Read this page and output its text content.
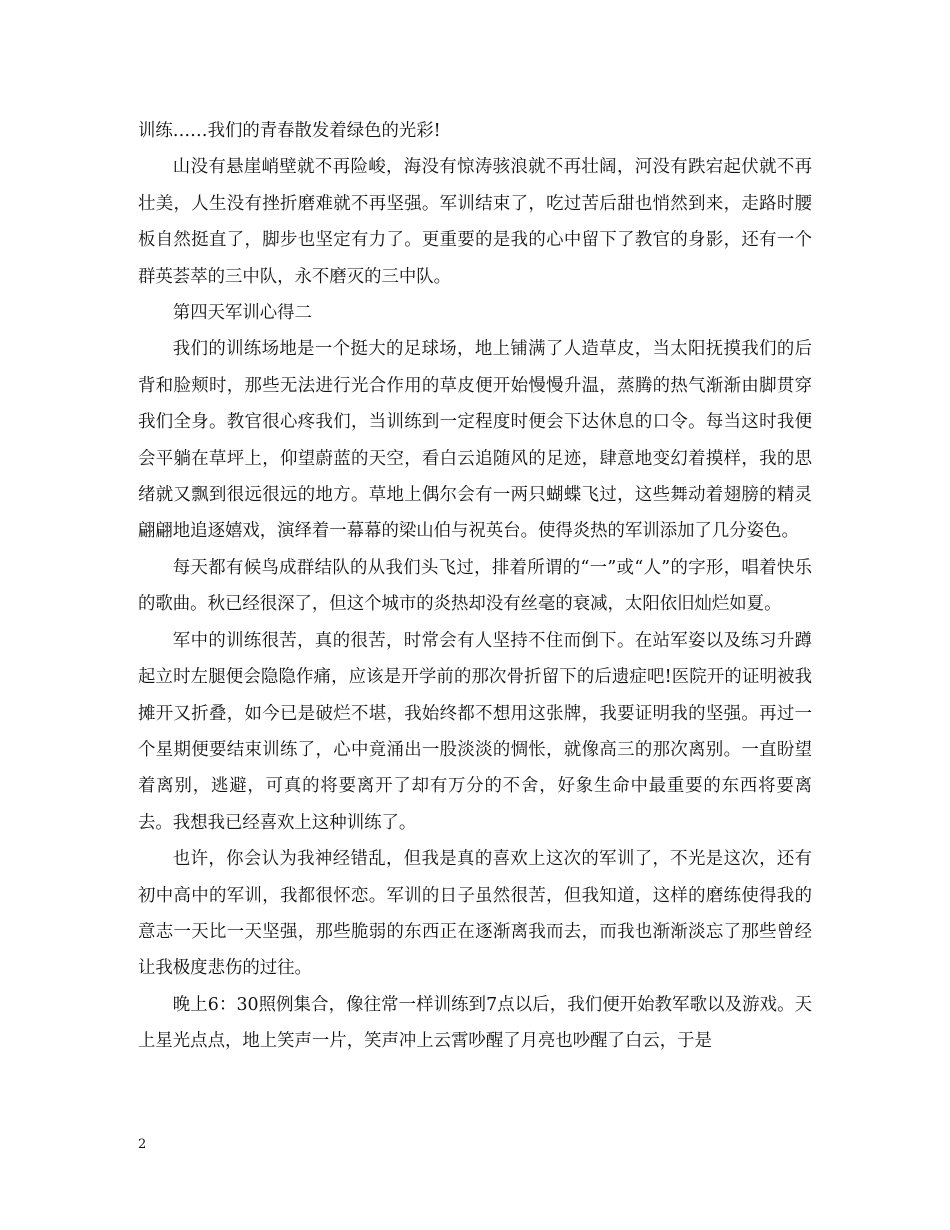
训练……我们的青春散发着绿色的光彩!

山没有悬崖峭壁就不再险峻，海没有惊涛骇浪就不再壮阔，河没有跌宕起伏就不再壮美，人生没有挫折磨难就不再坚强。军训结束了，吃过苦后甜也悄然到来，走路时腰板自然挺直了，脚步也坚定有力了。更重要的是我的心中留下了教官的身影，还有一个群英荟萃的三中队，永不磨灭的三中队。

第四天军训心得二

我们的训练场地是一个挺大的足球场，地上铺满了人造草皮，当太阳抚摸我们的后背和脸颊时，那些无法进行光合作用的草皮便开始慢慢升温，蒸腾的热气渐渐由脚贯穿我们全身。教官很心疼我们，当训练到一定程度时便会下达休息的口令。每当这时我便会平躺在草坪上，仰望蔚蓝的天空，看白云追随风的足迹，肆意地变幻着摸样，我的思绪就又飘到很远很远的地方。草地上偶尔会有一两只蝴蝶飞过，这些舞动着翅膀的精灵翩翩地追逐嬉戏，演绎着一幕幕的梁山伯与祝英台。使得炎热的军训添加了几分姿色。

每天都有候鸟成群结队的从我们头飞过，排着所谓的“一”或“人”的字形，唱着快乐的歌曲。秋已经很深了，但这个城市的炎热却没有丝毫的衰减，太阳依旧灿烂如夏。

军中的训练很苦，真的很苦，时常会有人坚持不住而倒下。在站军姿以及练习升蹲起立时左腿便会隐隐作痛，应该是开学前的那次骨折留下的后遗症吧!医院开的证明被我摊开又折叠，如今已是破烂不堪，我始终都不想用这张牌，我要证明我的坚强。再过一个星期便要结束训练了，心中竟涌出一股淡淡的惆怅，就像高三的那次离别。一直盼望着离别，逃避，可真的将要离开了却有万分的不舍，好象生命中最重要的东西将要离去。我想我已经喜欢上这种训练了。

也许，你会认为我神经错乱，但我是真的喜欢上这次的军训了，不光是这次，还有初中高中的军训，我都很怀恋。军训的日子虽然很苦，但我知道，这样的磨练使得我的意志一天比一天坚强，那些脆弱的东西正在逐渐离我而去，而我也渐渐淡忘了那些曾经让我极度悲伤的过往。

晚上6：30照例集合，像往常一样训练到7点以后，我们便开始教军歌以及游戏。天上星光点点，地上笑声一片，笑声冲上云霄吵醒了月亮也吵醒了白云，于是

2
